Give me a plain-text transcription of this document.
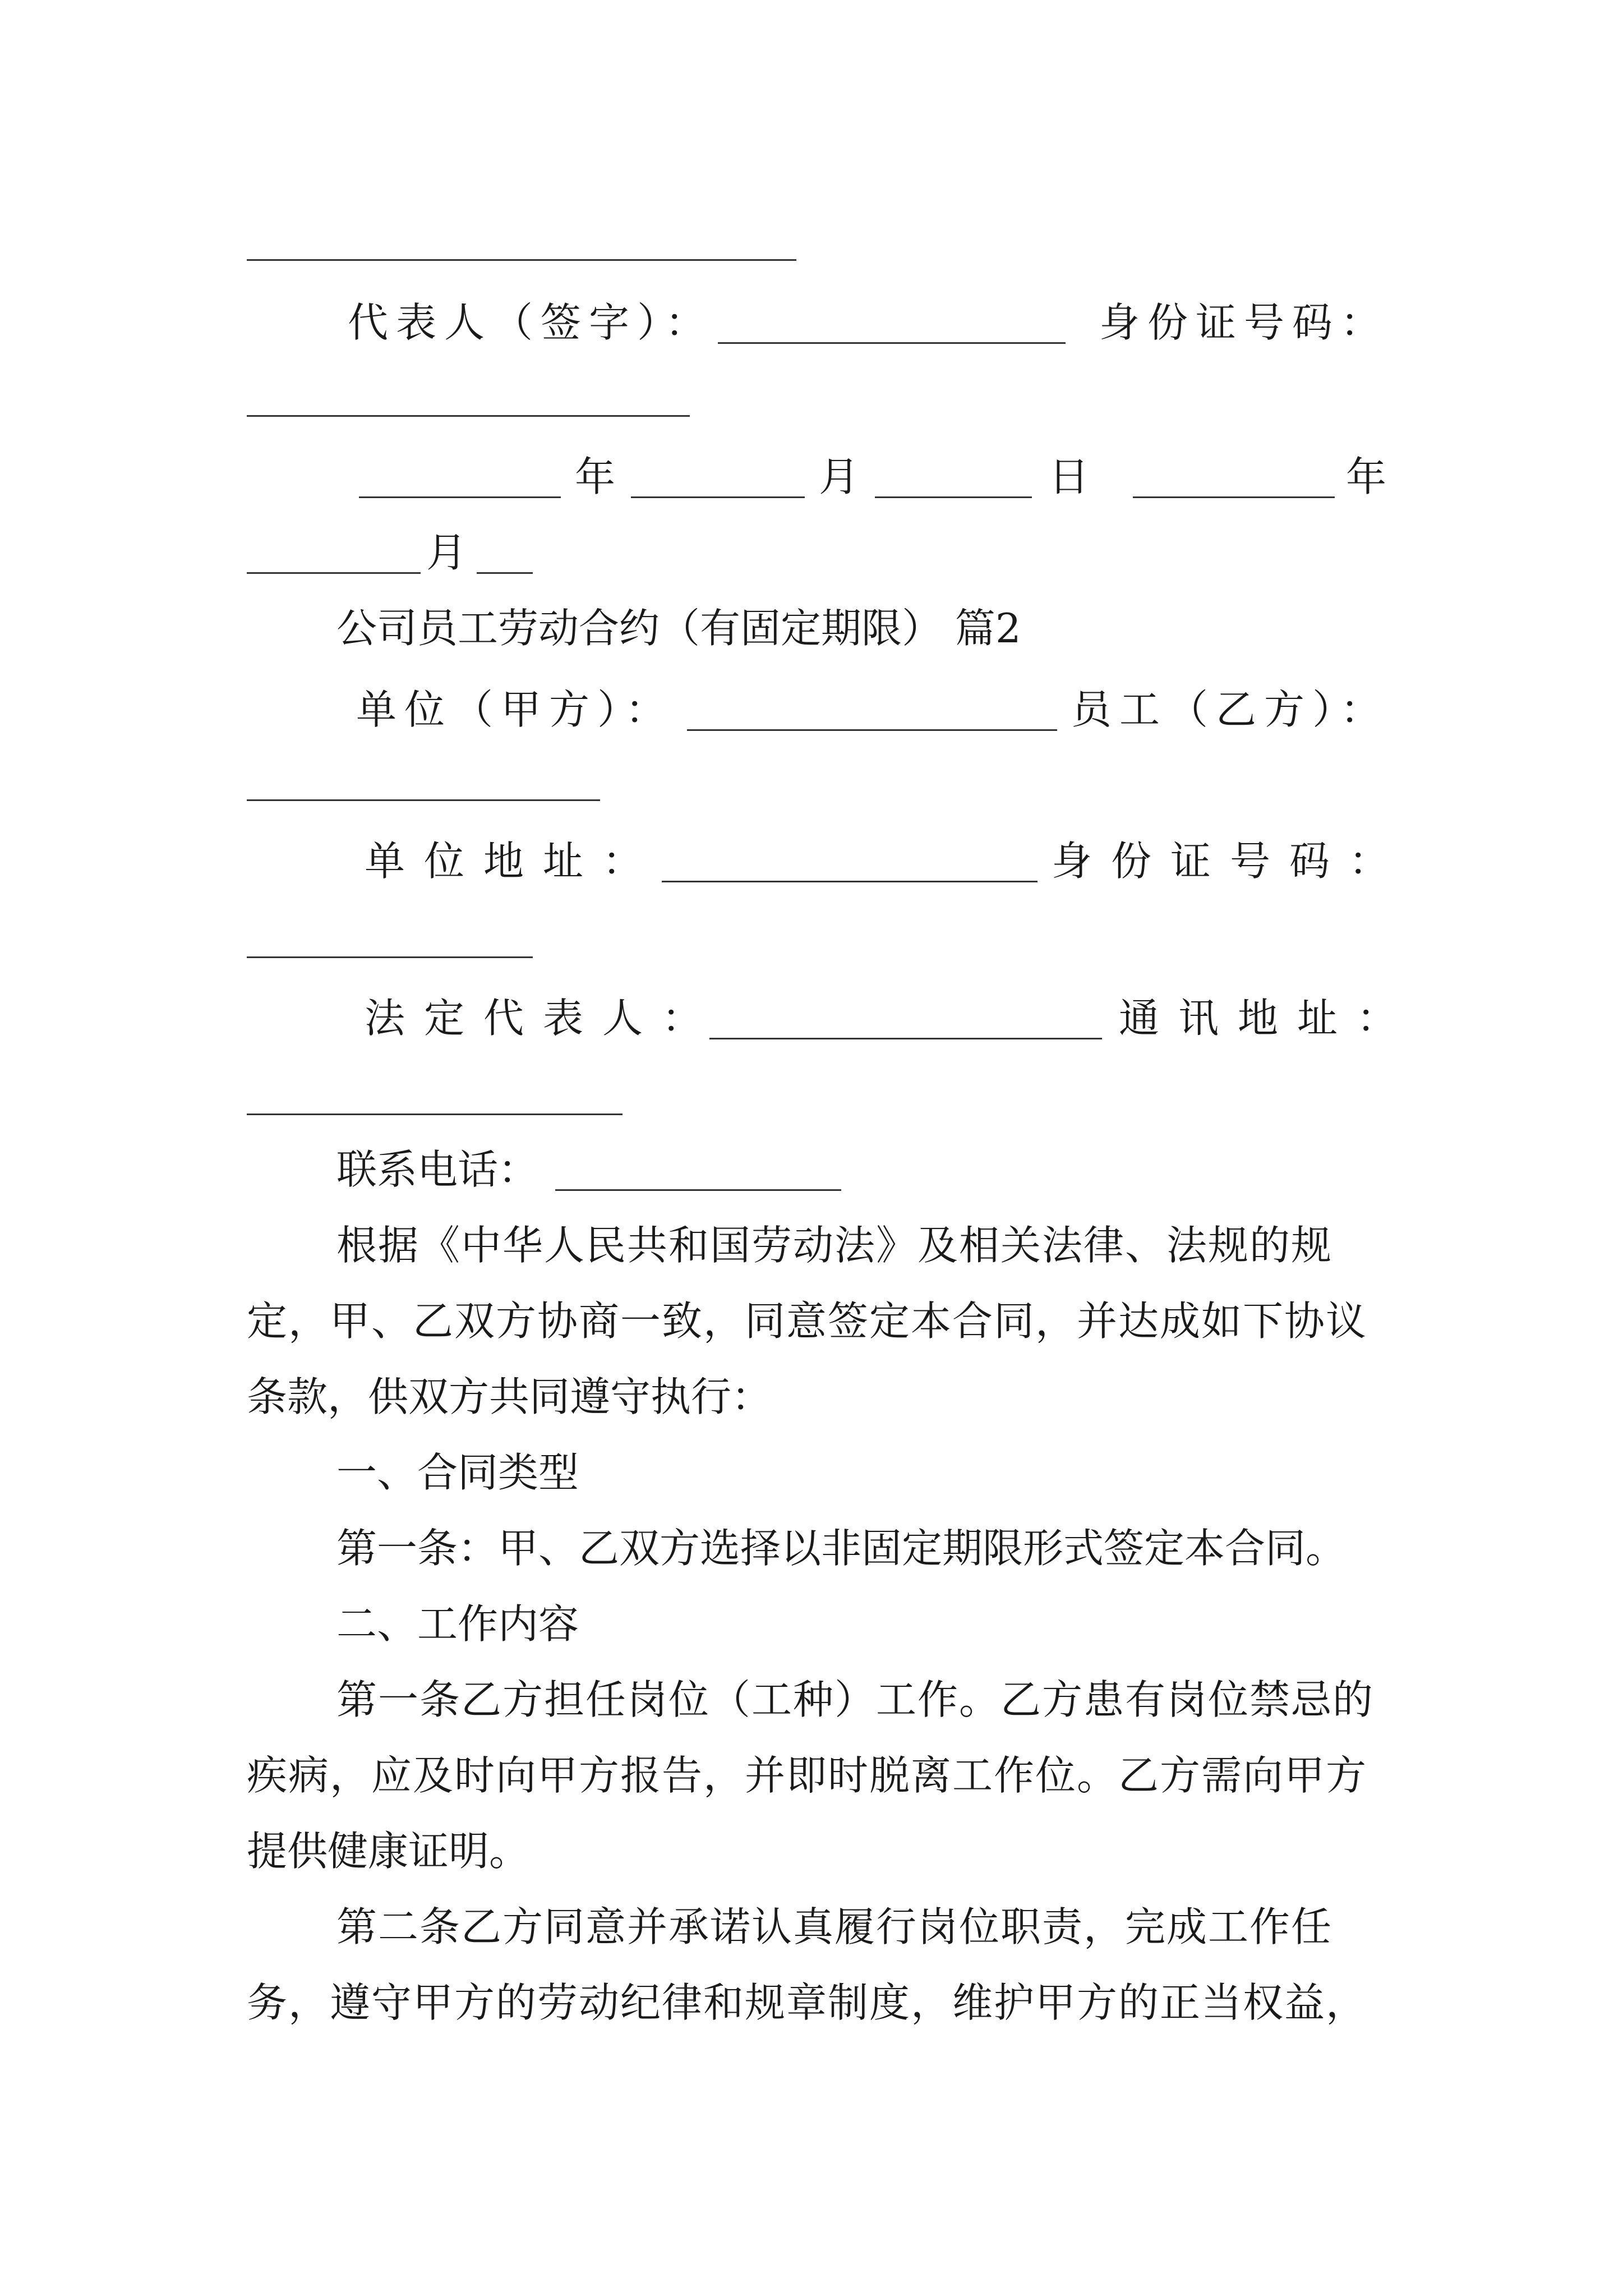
代表人（签字）：	身份证号码：
年	月	日	年
月
公司员工劳动合约（有固定期限） 篇2
单位（甲方）：	员工（乙方）：
单位地址：	身份证号码：
法定代表人：	通讯地址：
联系电话：
根据《中华人民共和国劳动法》及相关法律、法规的规
定，甲、乙双方协商一致，同意签定本合同，并达成如下协议
条款，供双方共同遵守执行：
一、合同类型
第一条：甲、乙双方选择以非固定期限形式签定本合同。
二、工作内容
第一条乙方担任岗位（工种）工作。乙方患有岗位禁忌的
疾病，应及时向甲方报告，并即时脱离工作位。乙方需向甲方
提供健康证明。
第二条乙方同意并承诺认真履行岗位职责，完成工作任
务，遵守甲方的劳动纪律和规章制度，维护甲方的正当权益，
